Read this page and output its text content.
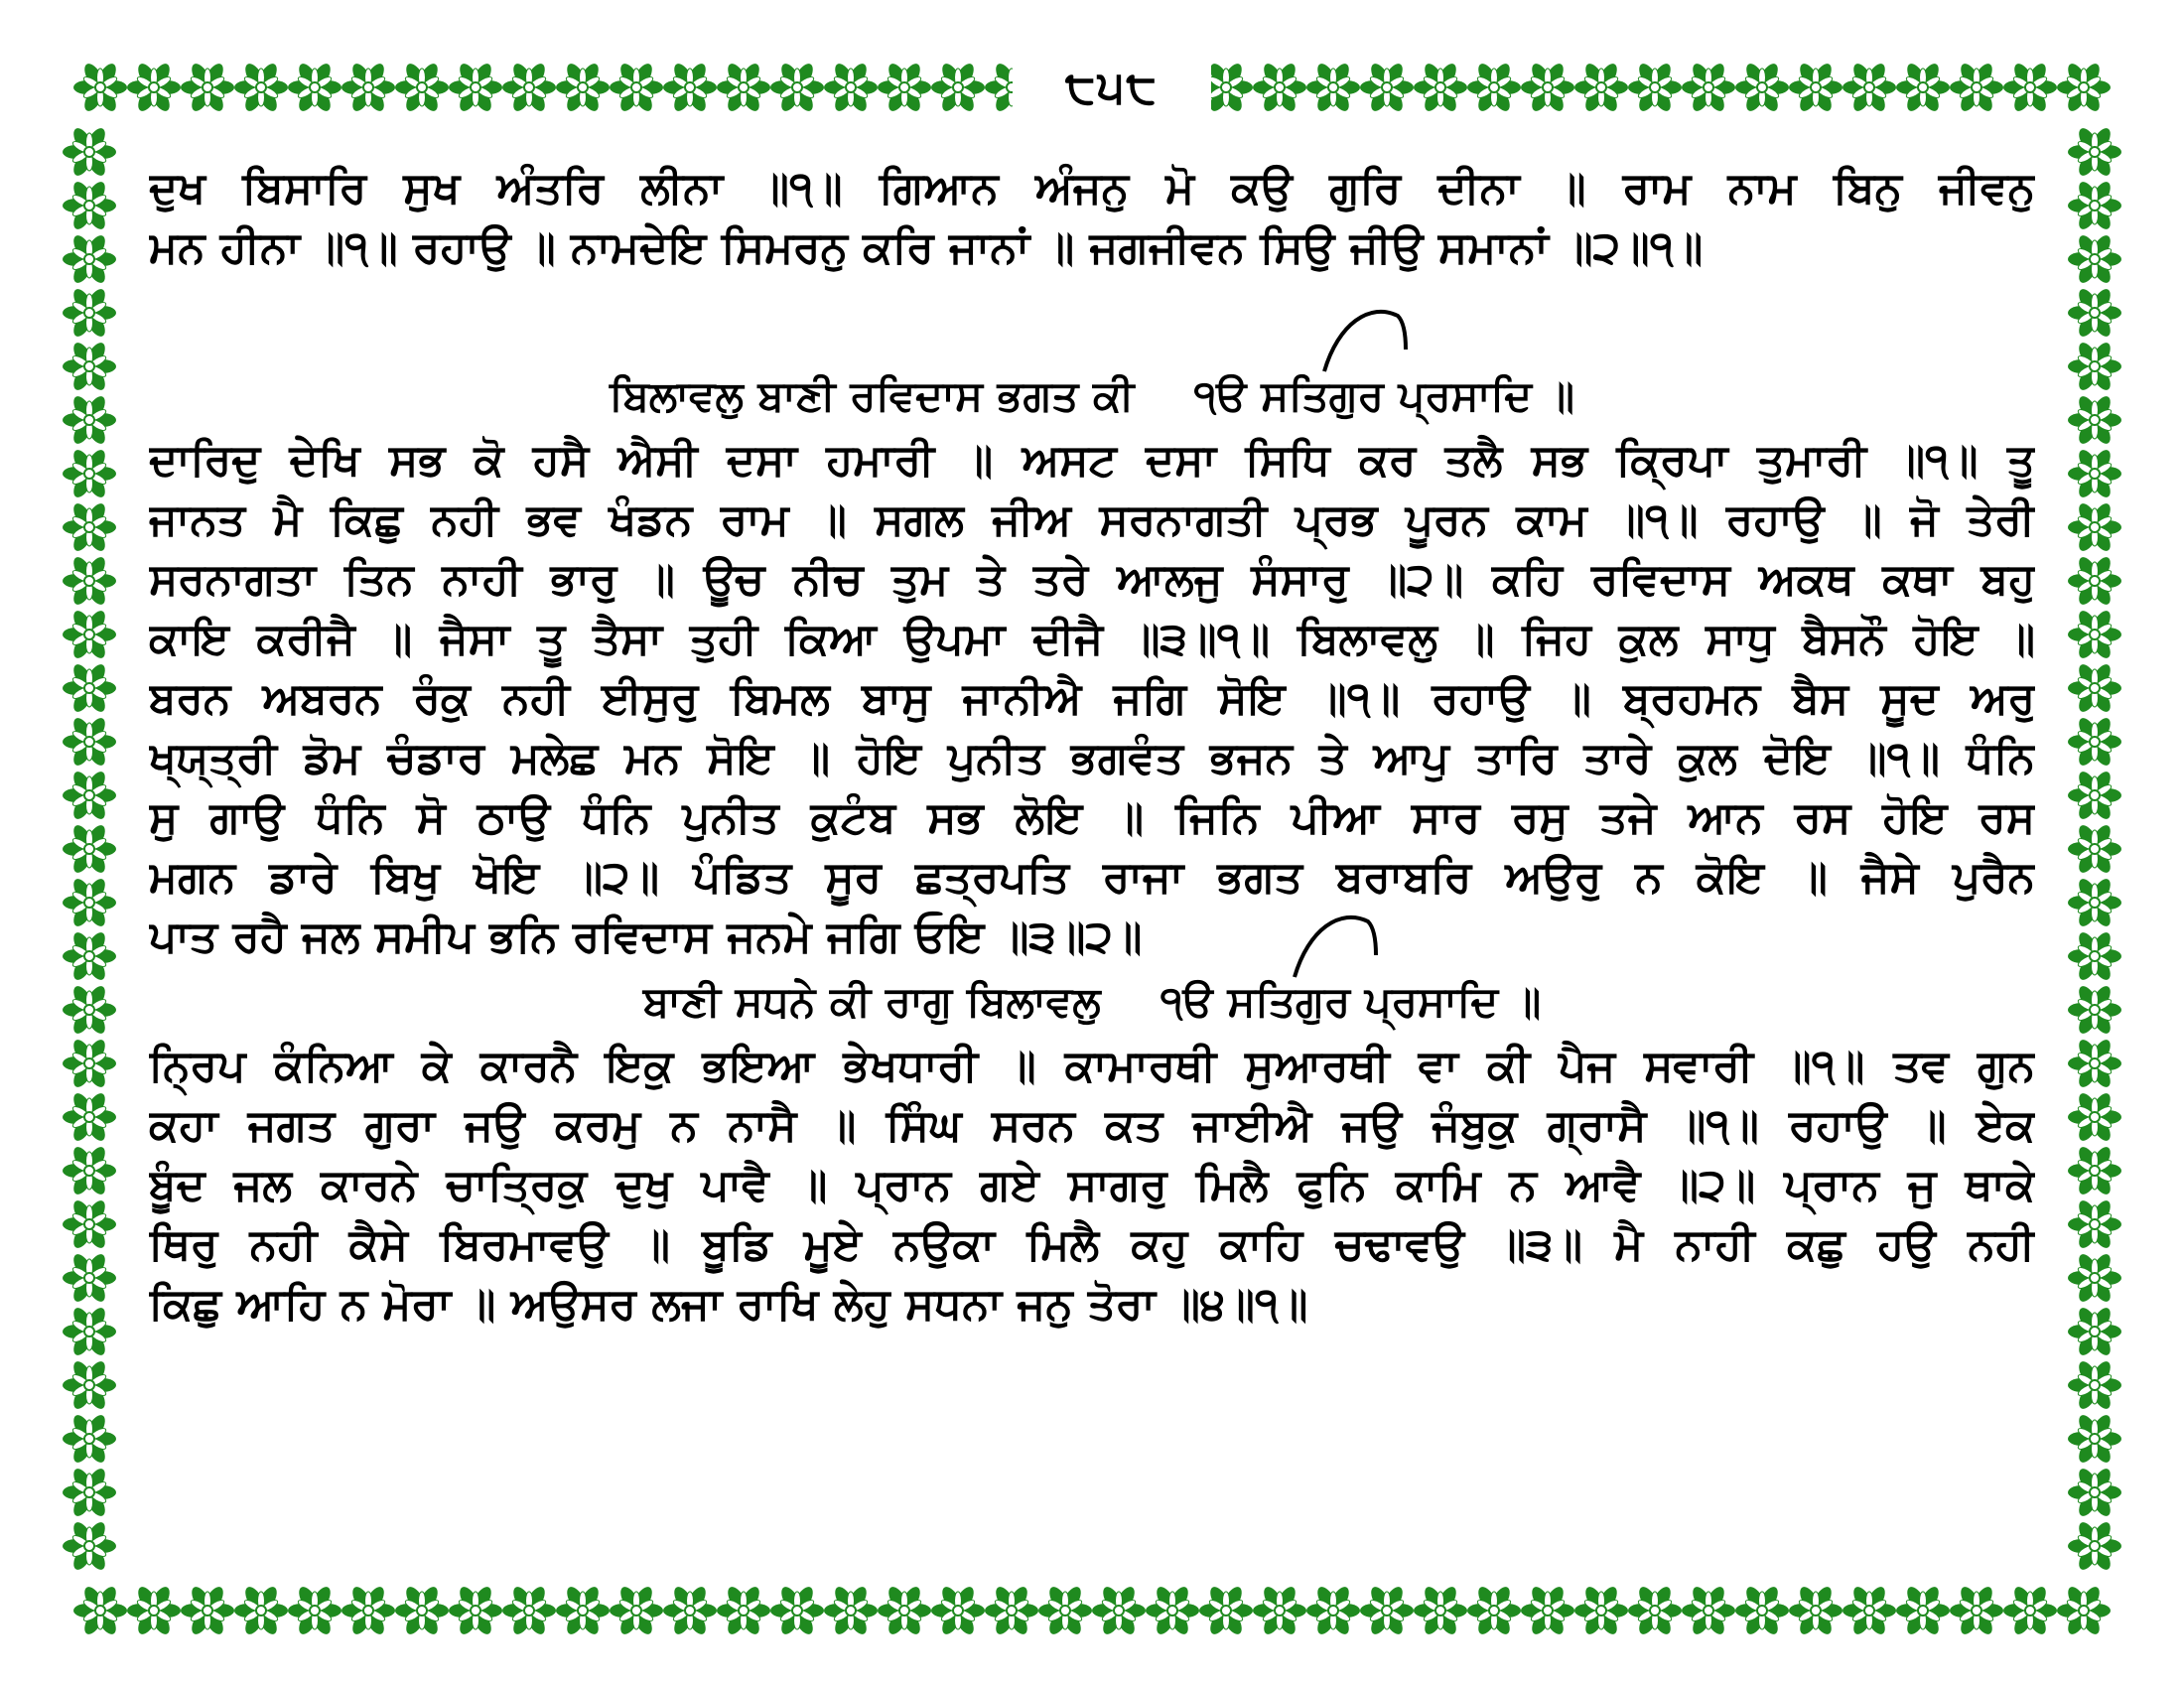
੮੫੮
ਦੁਖ ਬਿਸਾਰਿ ਸੁਖ ਅੰਤਰਿ ਲੀਨਾ ॥੧॥ ਗਿਆਨ ਅੰਜਨੁ ਮੋ ਕਉ ਗੁਰਿ ਦੀਨਾ ॥ ਰਾਮ ਨਾਮ ਬਿਨੁ ਜੀਵਨੁ
ਮਨ ਹੀਨਾ ॥੧॥ ਰਹਾਉ ॥ ਨਾਮਦੇਇ ਸਿਮਰਨੁ ਕਰਿ ਜਾਨਾਂ ॥ ਜਗਜੀਵਨ ਸਿਉ ਜੀਉ ਸਮਾਨਾਂ ॥੨॥੧॥
ਬਿਲਾਵਲੁ ਬਾਣੀ ਰਵਿਦਾਸ ਭਗਤ ਕੀ ੧ੳ ਸਤਿਗੁਰ ਪ੍ਰਸਾਦਿ ॥
ਦਾਰਿਦੁ ਦੇਖਿ ਸਭ ਕੋ ਹਸੈ ਐਸੀ ਦਸਾ ਹਮਾਰੀ ॥ ਅਸਟ ਦਸਾ ਸਿਧਿ ਕਰ ਤਲੈ ਸਭ ਕ੍ਰਿਪਾ ਤੁਮਾਰੀ ॥੧॥ ਤੂ
ਜਾਨਤ ਮੈ ਕਿਛੁ ਨਹੀ ਭਵ ਖੰਡਨ ਰਾਮ ॥ ਸਗਲ ਜੀਅ ਸਰਨਾਗਤੀ ਪ੍ਰਭ ਪੂਰਨ ਕਾਮ ॥੧॥ ਰਹਾਉ ॥ ਜੋ ਤੇਰੀ
ਸਰਨਾਗਤਾ ਤਿਨ ਨਾਹੀ ਭਾਰੁ ॥ ਊਚ ਨੀਚ ਤੁਮ ਤੇ ਤਰੇ ਆਲਜੁ ਸੰਸਾਰੁ ॥੨॥ ਕਹਿ ਰਵਿਦਾਸ ਅਕਥ ਕਥਾ ਬਹੁ
ਕਾਇ ਕਰੀਜੈ ॥ ਜੈਸਾ ਤੂ ਤੈਸਾ ਤੁਹੀ ਕਿਆ ਉਪਮਾ ਦੀਜੈ ॥੩॥੧॥ ਬਿਲਾਵਲੁ ॥ ਜਿਹ ਕੁਲ ਸਾਧੁ ਬੈਸਨੌ ਹੋਇ ॥
ਬਰਨ ਅਬਰਨ ਰੰਕੁ ਨਹੀ ਈਸੁਰੁ ਬਿਮਲ ਬਾਸੁ ਜਾਨੀਐ ਜਗਿ ਸੋਇ ॥੧॥ ਰਹਾਉ ॥ ਬ੍ਰਹਮਨ ਬੈਸ ਸੂਦ ਅਰੁ
ਖ੍ਯ੍ਤ੍ਰੀ ਡੋਮ ਚੰਡਾਰ ਮਲੇਛ ਮਨ ਸੋਇ ॥ ਹੋਇ ਪੁਨੀਤ ਭਗਵੰਤ ਭਜਨ ਤੇ ਆਪੁ ਤਾਰਿ ਤਾਰੇ ਕੁਲ ਦੋਇ ॥੧॥ ਧੰਨਿ
ਸੁ ਗਾਉ ਧੰਨਿ ਸੋ ਠਾਉ ਧੰਨਿ ਪੁਨੀਤ ਕੁਟੰਬ ਸਭ ਲੋਇ ॥ ਜਿਨਿ ਪੀਆ ਸਾਰ ਰਸੁ ਤਜੇ ਆਨ ਰਸ ਹੋਇ ਰਸ
ਮਗਨ ਡਾਰੇ ਬਿਖੁ ਖੋਇ ॥੨॥ ਪੰਡਿਤ ਸੂਰ ਛਤ੍ਰਪਤਿ ਰਾਜਾ ਭਗਤ ਬਰਾਬਰਿ ਅਉਰੁ ਨ ਕੋਇ ॥ ਜੈਸੇ ਪੁਰੈਨ
ਪਾਤ ਰਹੈ ਜਲ ਸਮੀਪ ਭਨਿ ਰਵਿਦਾਸ ਜਨਮੇ ਜਗਿ ਓਇ ॥੩॥੨॥
ਬਾਣੀ ਸਧਨੇ ਕੀ ਰਾਗੁ ਬਿਲਾਵਲੁ ੧ੳ ਸਤਿਗੁਰ ਪ੍ਰਸਾਦਿ ॥
ਨ੍ਰਿਪ ਕੰਨਿਆ ਕੇ ਕਾਰਨੈ ਇਕੁ ਭਇਆ ਭੇਖਧਾਰੀ ॥ ਕਾਮਾਰਥੀ ਸੁਆਰਥੀ ਵਾ ਕੀ ਪੈਜ ਸਵਾਰੀ ॥੧॥ ਤਵ ਗੁਨ
ਕਹਾ ਜਗਤ ਗੁਰਾ ਜਉ ਕਰਮੁ ਨ ਨਾਸੈ ॥ ਸਿੰਘ ਸਰਨ ਕਤ ਜਾਈਐ ਜਉ ਜੰਬੁਕੁ ਗ੍ਰਾਸੈ ॥੧॥ ਰਹਾਉ ॥ ਏਕ
ਬੂੰਦ ਜਲ ਕਾਰਨੇ ਚਾਤ੍ਰਿਕੁ ਦੁਖੁ ਪਾਵੈ ॥ ਪ੍ਰਾਨ ਗਏ ਸਾਗਰੁ ਮਿਲੈ ਫੁਨਿ ਕਾਮਿ ਨ ਆਵੈ ॥੨॥ ਪ੍ਰਾਨ ਜੁ ਥਾਕੇ
ਥਿਰੁ ਨਹੀ ਕੈਸੇ ਬਿਰਮਾਵਉ ॥ ਬੂਡਿ ਮੂਏ ਨਉਕਾ ਮਿਲੈ ਕਹੁ ਕਾਹਿ ਚਢਾਵਉ ॥੩॥ ਮੈ ਨਾਹੀ ਕਛੁ ਹਉ ਨਹੀ
ਕਿਛੁ ਆਹਿ ਨ ਮੋਰਾ ॥ ਅਉਸਰ ਲਜਾ ਰਾਖਿ ਲੇਹੁ ਸਧਨਾ ਜਨੁ ਤੋਰਾ ॥੪॥੧॥
